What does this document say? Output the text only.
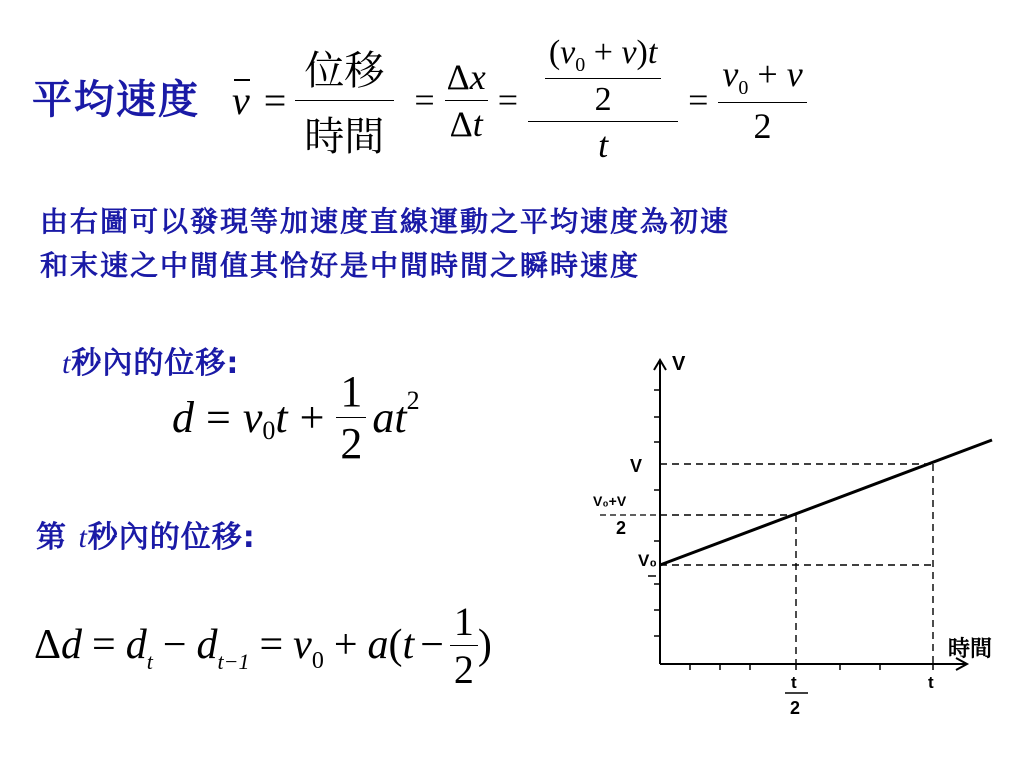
平均速度 $v = \frac{\text{位移}}{\text{時間}} = \frac{\Delta x}{\Delta t} = \frac{\frac{(v_0 + v)t}{2}}{t} = \frac{v_0 + v}{2}$
由右圖可以發現等加速度直線運動之平均速度為初速
和末速之中間值其恰好是中間時間之瞬時速度
t秒內的位移:
$d = v_0$ $t + \frac{1}{2} at^2$
第 t秒內的位移:
Δ $d = d_t - d_{t-1} = v_0 + a$ ( $t - \frac{1}{2}$ )
V
時間
V
V₀+V
2
V₀
t
2
t
